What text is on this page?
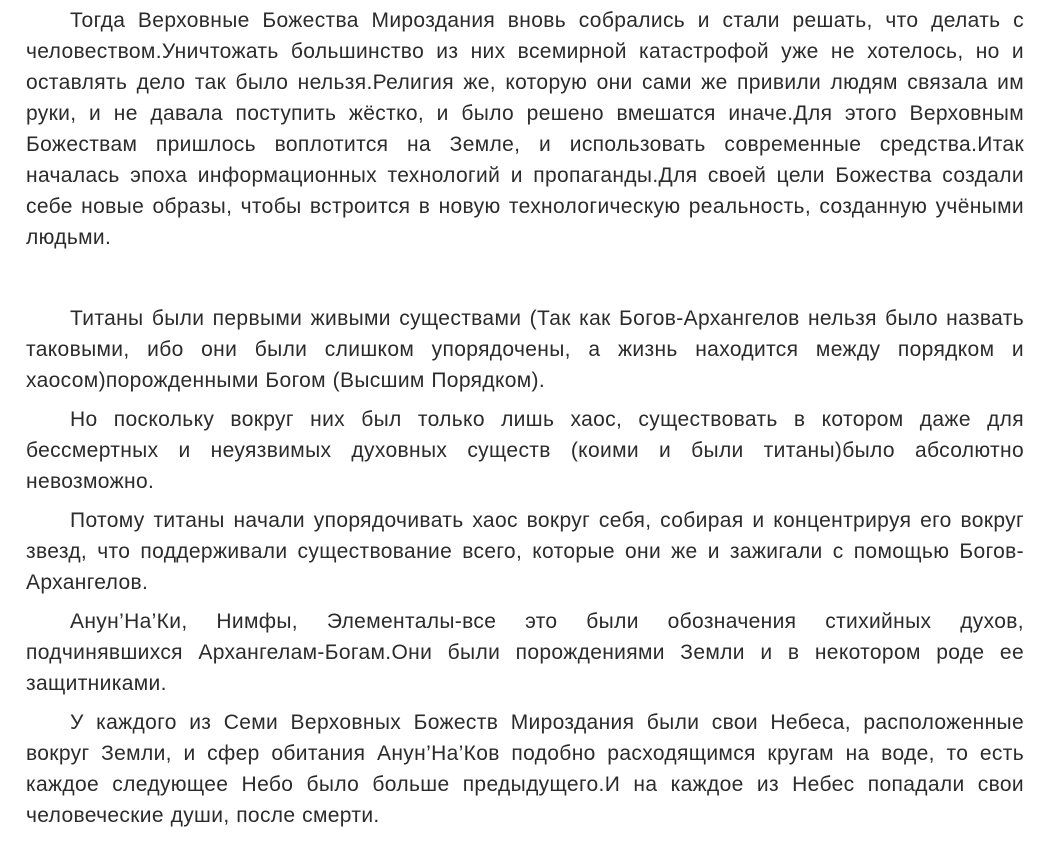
Тогда Верховные Божества Мироздания вновь собрались и стали решать, что делать с человеством.Уничтожать большинство из них всемирной катастрофой уже не хотелось, но и оставлять дело так было нельзя.Религия же, которую они сами же привили людям связала им руки, и не давала поступить жёстко, и было решено вмешатся иначе.Для этого Верховным Божествам пришлось воплотится на Земле, и использовать современные средства.Итак началась эпоха информационных технологий и пропаганды.Для своей цели Божества создали себе новые образы, чтобы встроится в новую технологическую реальность, созданную учёными людьми.

Титаны были первыми живыми существами (Так как Богов-Архангелов нельзя было назвать таковыми, ибо они были слишком упорядочены, а жизнь находится между порядком и хаосом)порожденными Богом (Высшим Порядком).

Но поскольку вокруг них был только лишь хаос, существовать в котором даже для бессмертных и неуязвимых духовных существ (коими и были титаны)было абсолютно невозможно.

Потому титаны начали упорядочивать хаос вокруг себя, собирая и концентрируя его вокруг звезд, что поддерживали существование всего, которые они же и зажигали с помощью Богов-Архангелов.

Анун’На’Ки, Нимфы, Элементалы-все это были обозначения стихийных духов, подчинявшихся Архангелам-Богам.Они были порождениями Земли и в некотором роде ее защитниками.

У каждого из Семи Верховных Божеств Мироздания были свои Небеса, расположенные вокруг Земли, и сфер обитания Анун’На’Ков подобно расходящимся кругам на воде, то есть каждое следующее Небо было больше предыдущего.И на каждое из Небес попадали свои человеческие души, после смерти.
